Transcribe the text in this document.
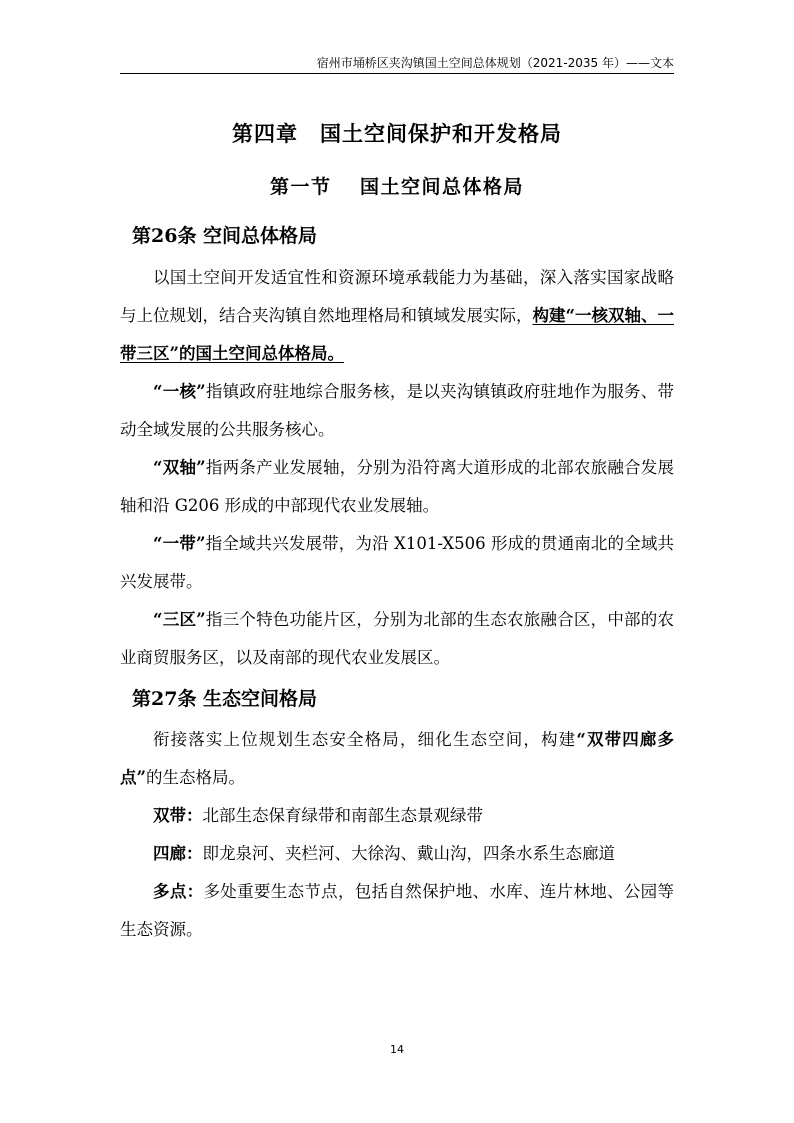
宿州市埇桥区夹沟镇国土空间总体规划（2021-2035 年）——文本
第四章　国土空间保护和开发格局
第一节　 国土空间总体格局
第26条 空间总体格局
以国土空间开发适宜性和资源环境承载能力为基础，深入落实国家战略与上位规划，结合夹沟镇自然地理格局和镇域发展实际，构建“一核双轴、一带三区”的国土空间总体格局。
“一核”指镇政府驻地综合服务核，是以夹沟镇镇政府驻地作为服务、带动全域发展的公共服务核心。
“双轴”指两条产业发展轴，分别为沿符离大道形成的北部农旅融合发展轴和沿 G206 形成的中部现代农业发展轴。
“一带”指全域共兴发展带，为沿 X101-X506 形成的贯通南北的全域共兴发展带。
“三区”指三个特色功能片区，分别为北部的生态农旅融合区，中部的农业商贸服务区，以及南部的现代农业发展区。
第27条 生态空间格局
衔接落实上位规划生态安全格局，细化生态空间，构建“双带四廊多点”的生态格局。
双带：北部生态保育绿带和南部生态景观绿带
四廊：即龙泉河、夹栏河、大徐沟、戴山沟，四条水系生态廊道
多点：多处重要生态节点，包括自然保护地、水库、连片林地、公园等生态资源。
14
